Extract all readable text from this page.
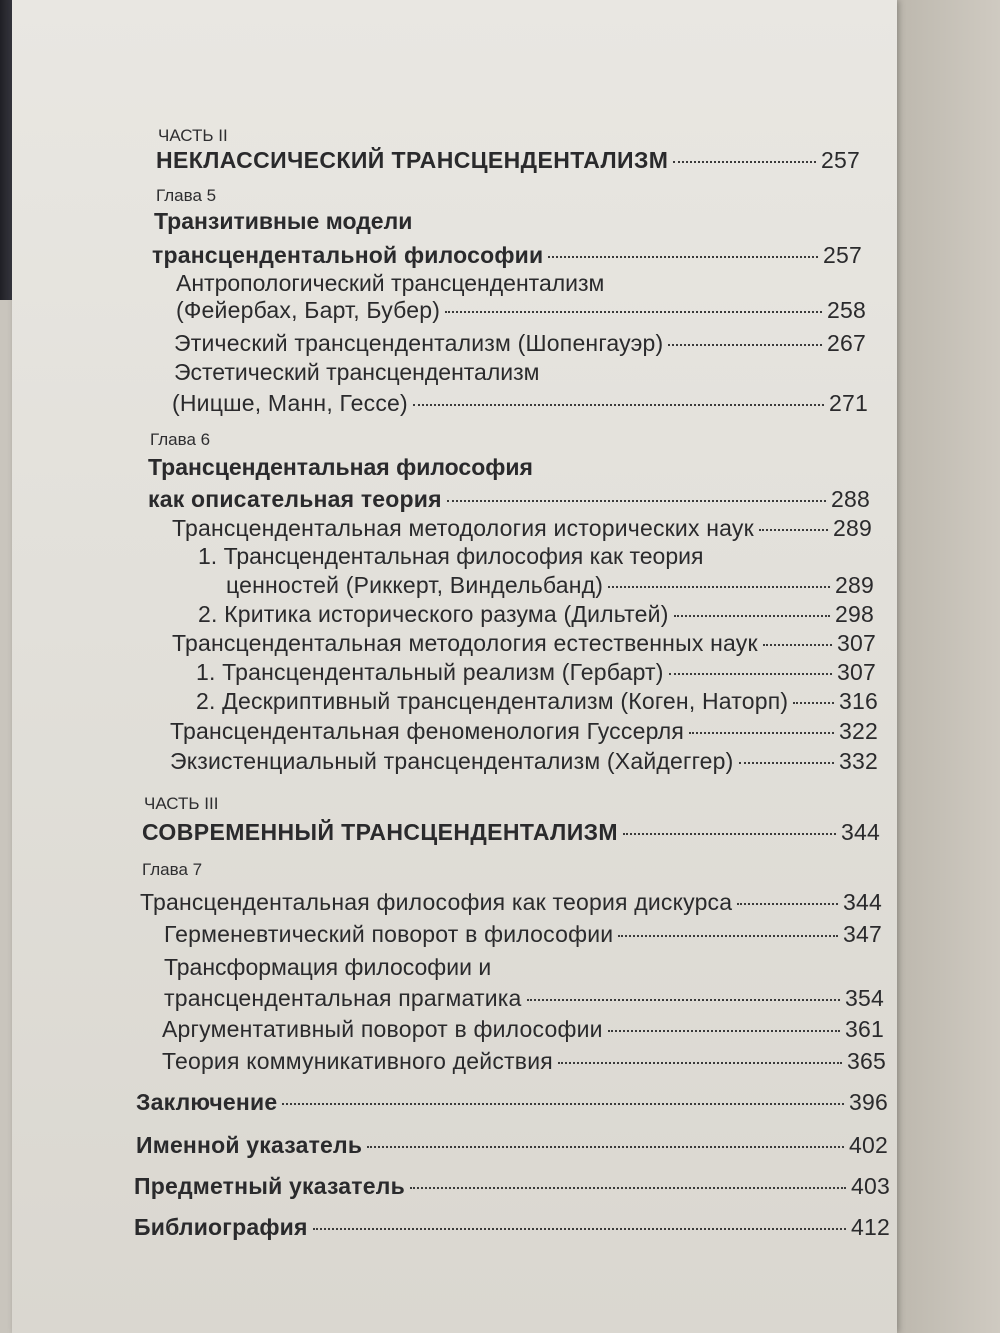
ЧАСТЬ II
НЕКЛАССИЧЕСКИЙ ТРАНСЦЕНДЕНТАЛИЗМ	257
Глава 5
Транзитивные модели
трансцендентальной философии	257
Антропологический трансцендентализм
(Фейербах, Барт, Бубер)	258
Этический трансцендентализм (Шопенгауэр)	267
Эстетический трансцендентализм
(Ницше, Манн, Гессе)	271
Глава 6
Трансцендентальная философия
как описательная теория	288
Трансцендентальная методология исторических наук	289
1. Трансцендентальная философия как теория
ценностей (Риккерт, Виндельбанд)	289
2. Критика исторического разума (Дильтей)	298
Трансцендентальная методология естественных наук	307
1. Трансцендентальный реализм (Гербарт)	307
2. Дескриптивный трансцендентализм (Коген, Наторп) 316
Трансцендентальная феноменология Гуссерля	322
Экзистенциальный трансцендентализм (Хайдеггер)	332
ЧАСТЬ III
СОВРЕМЕННЫЙ ТРАНСЦЕНДЕНТАЛИЗМ	344
Глава 7
Трансцендентальная философия как теория дискурса	344
Герменевтический поворот в философии	347
Трансформация философии и
трансцендентальная прагматика	354
Аргументативный поворот в философии	361
Теория коммуникативного действия	365
Заключение	396
Именной указатель	402
Предметный указатель	403
Библиография	412
